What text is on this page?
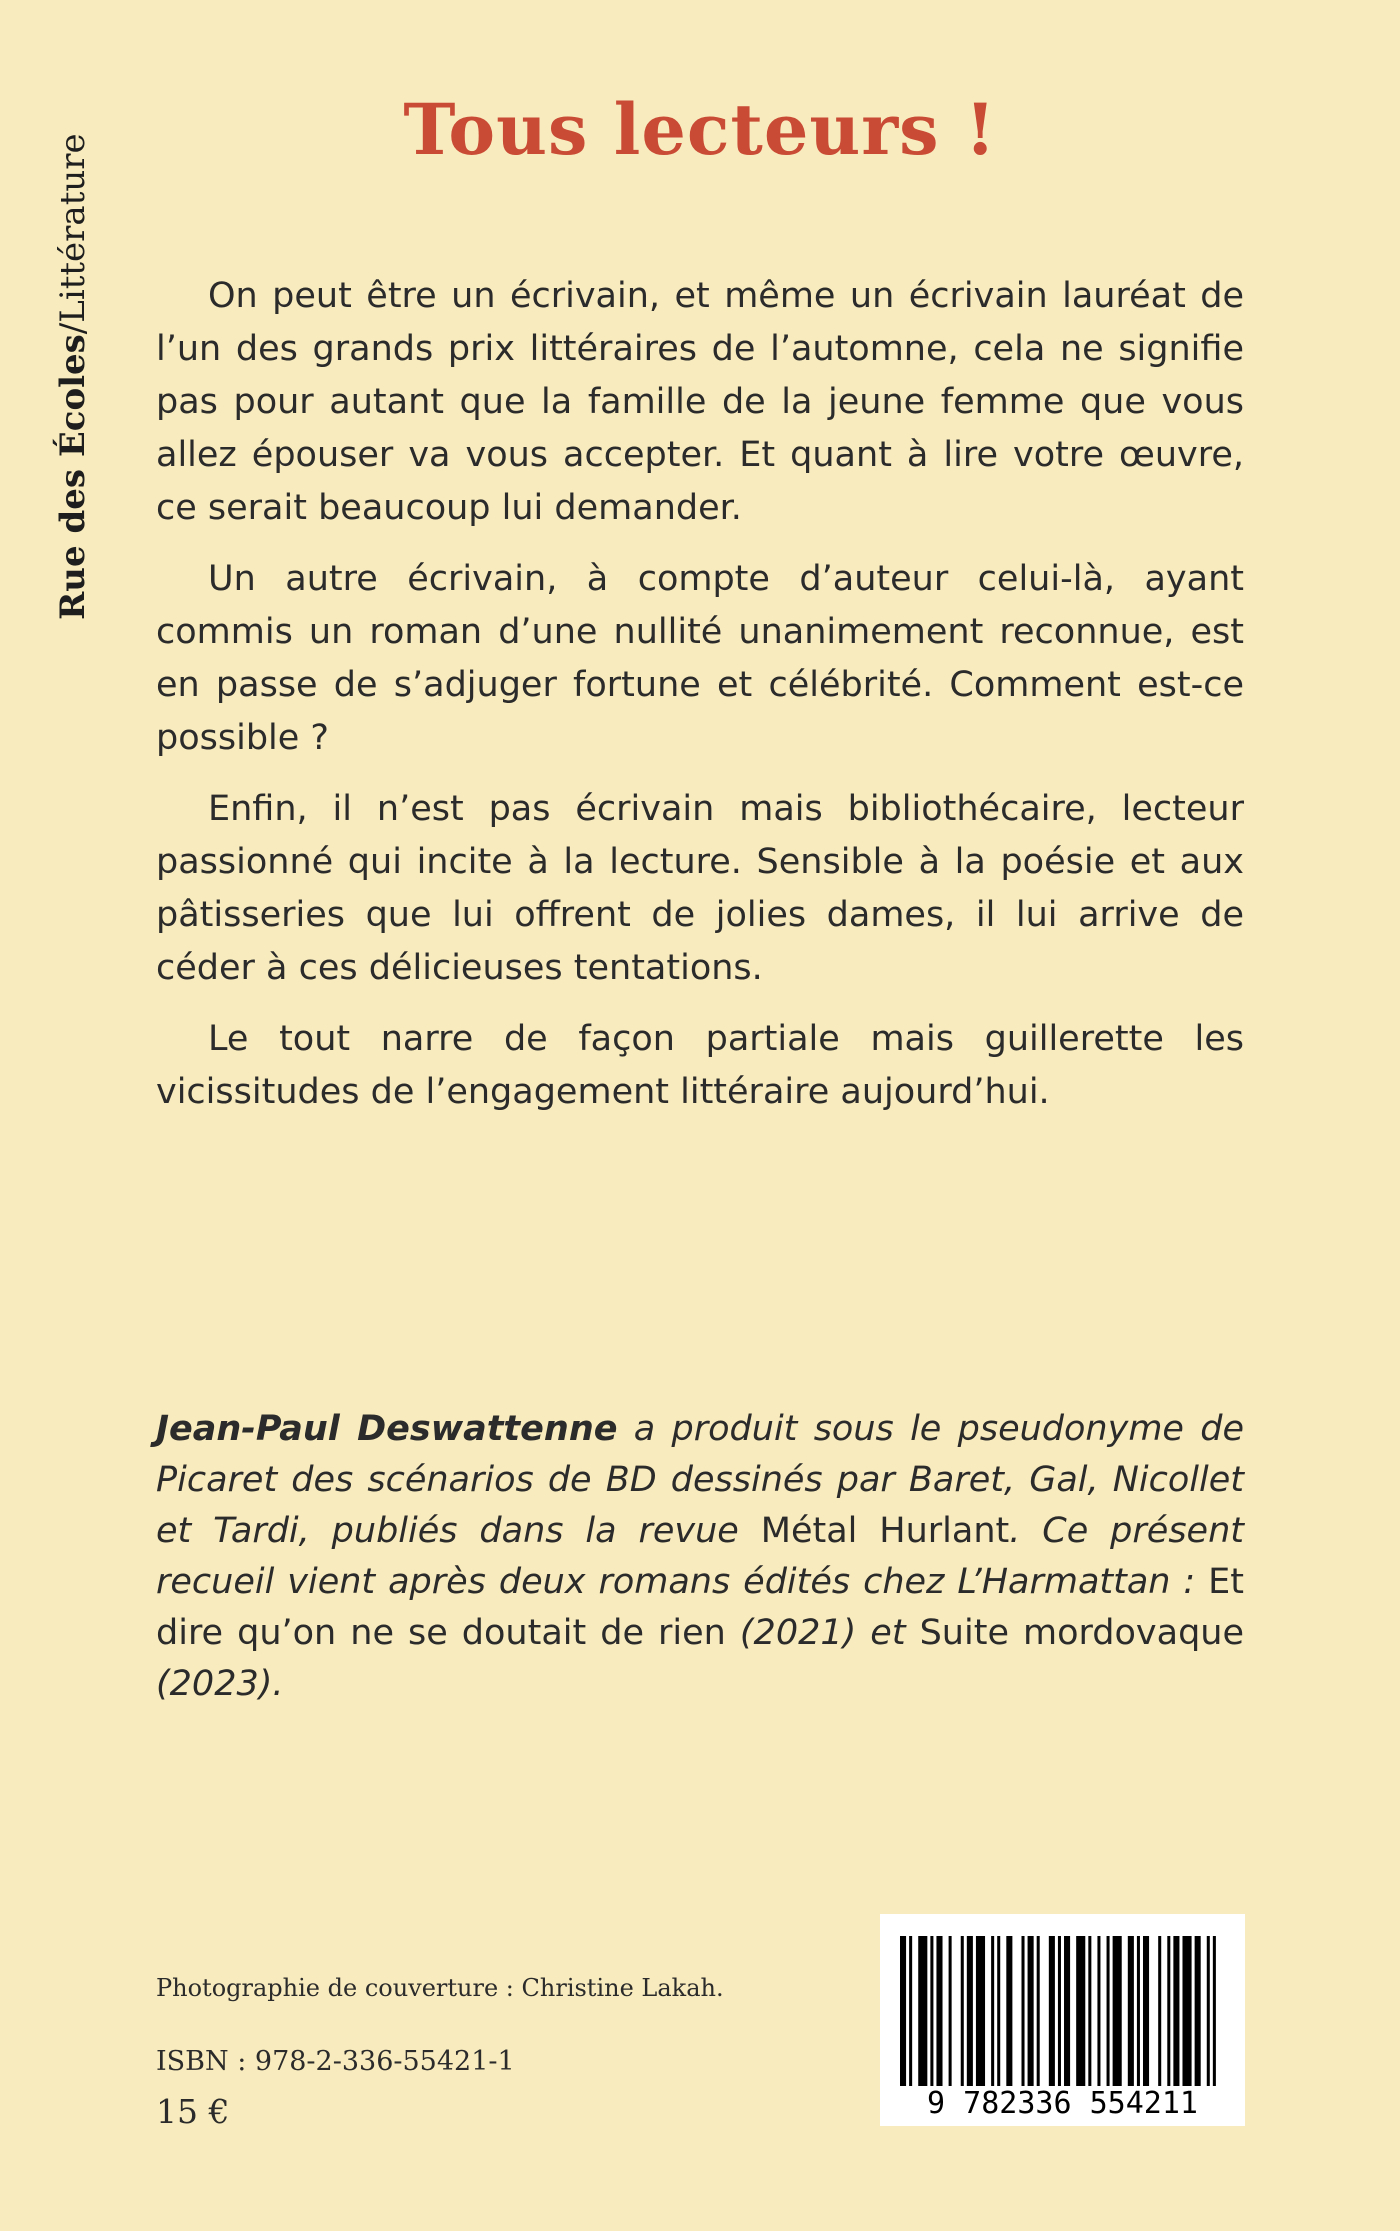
Rue des Écoles
/
Littérature
Tous lecteurs !

On peut être un écrivain, et même un écrivain lauréat de l’un des grands prix littéraires de l’automne, cela ne signifie pas pour autant que la famille de la jeune femme que vous allez épouser va vous accepter. Et quant à lire votre œuvre, ce serait beaucoup lui demander.

Un autre écrivain, à compte d’auteur celui-là, ayant commis un roman d’une nullité unanimement reconnue, est en passe de s’adjuger fortune et célébrité. Comment est-ce possible ?

Enfin, il n’est pas écrivain mais bibliothécaire, lecteur passionné qui incite à la lecture. Sensible à la poésie et aux pâtisseries que lui offrent de jolies dames, il lui arrive de céder à ces délicieuses tentations.

Le tout narre de façon partiale mais guillerette les vicissitudes de l’engagement littéraire aujourd’hui.

Jean-Paul Deswattenne a produit sous le pseudonyme de Picaret des scénarios de BD dessinés par Baret, Gal, Nicollet et Tardi, publiés dans la revue Métal Hurlant. Ce présent recueil vient après deux romans édités chez L’Harmattan : Et dire qu’on ne se doutait de rien (2021) et Suite mordovaque (2023).
Photographie de couverture : Christine Lakah.
ISBN : 978-2-336-55421-1
15 €	9 782336 554211
